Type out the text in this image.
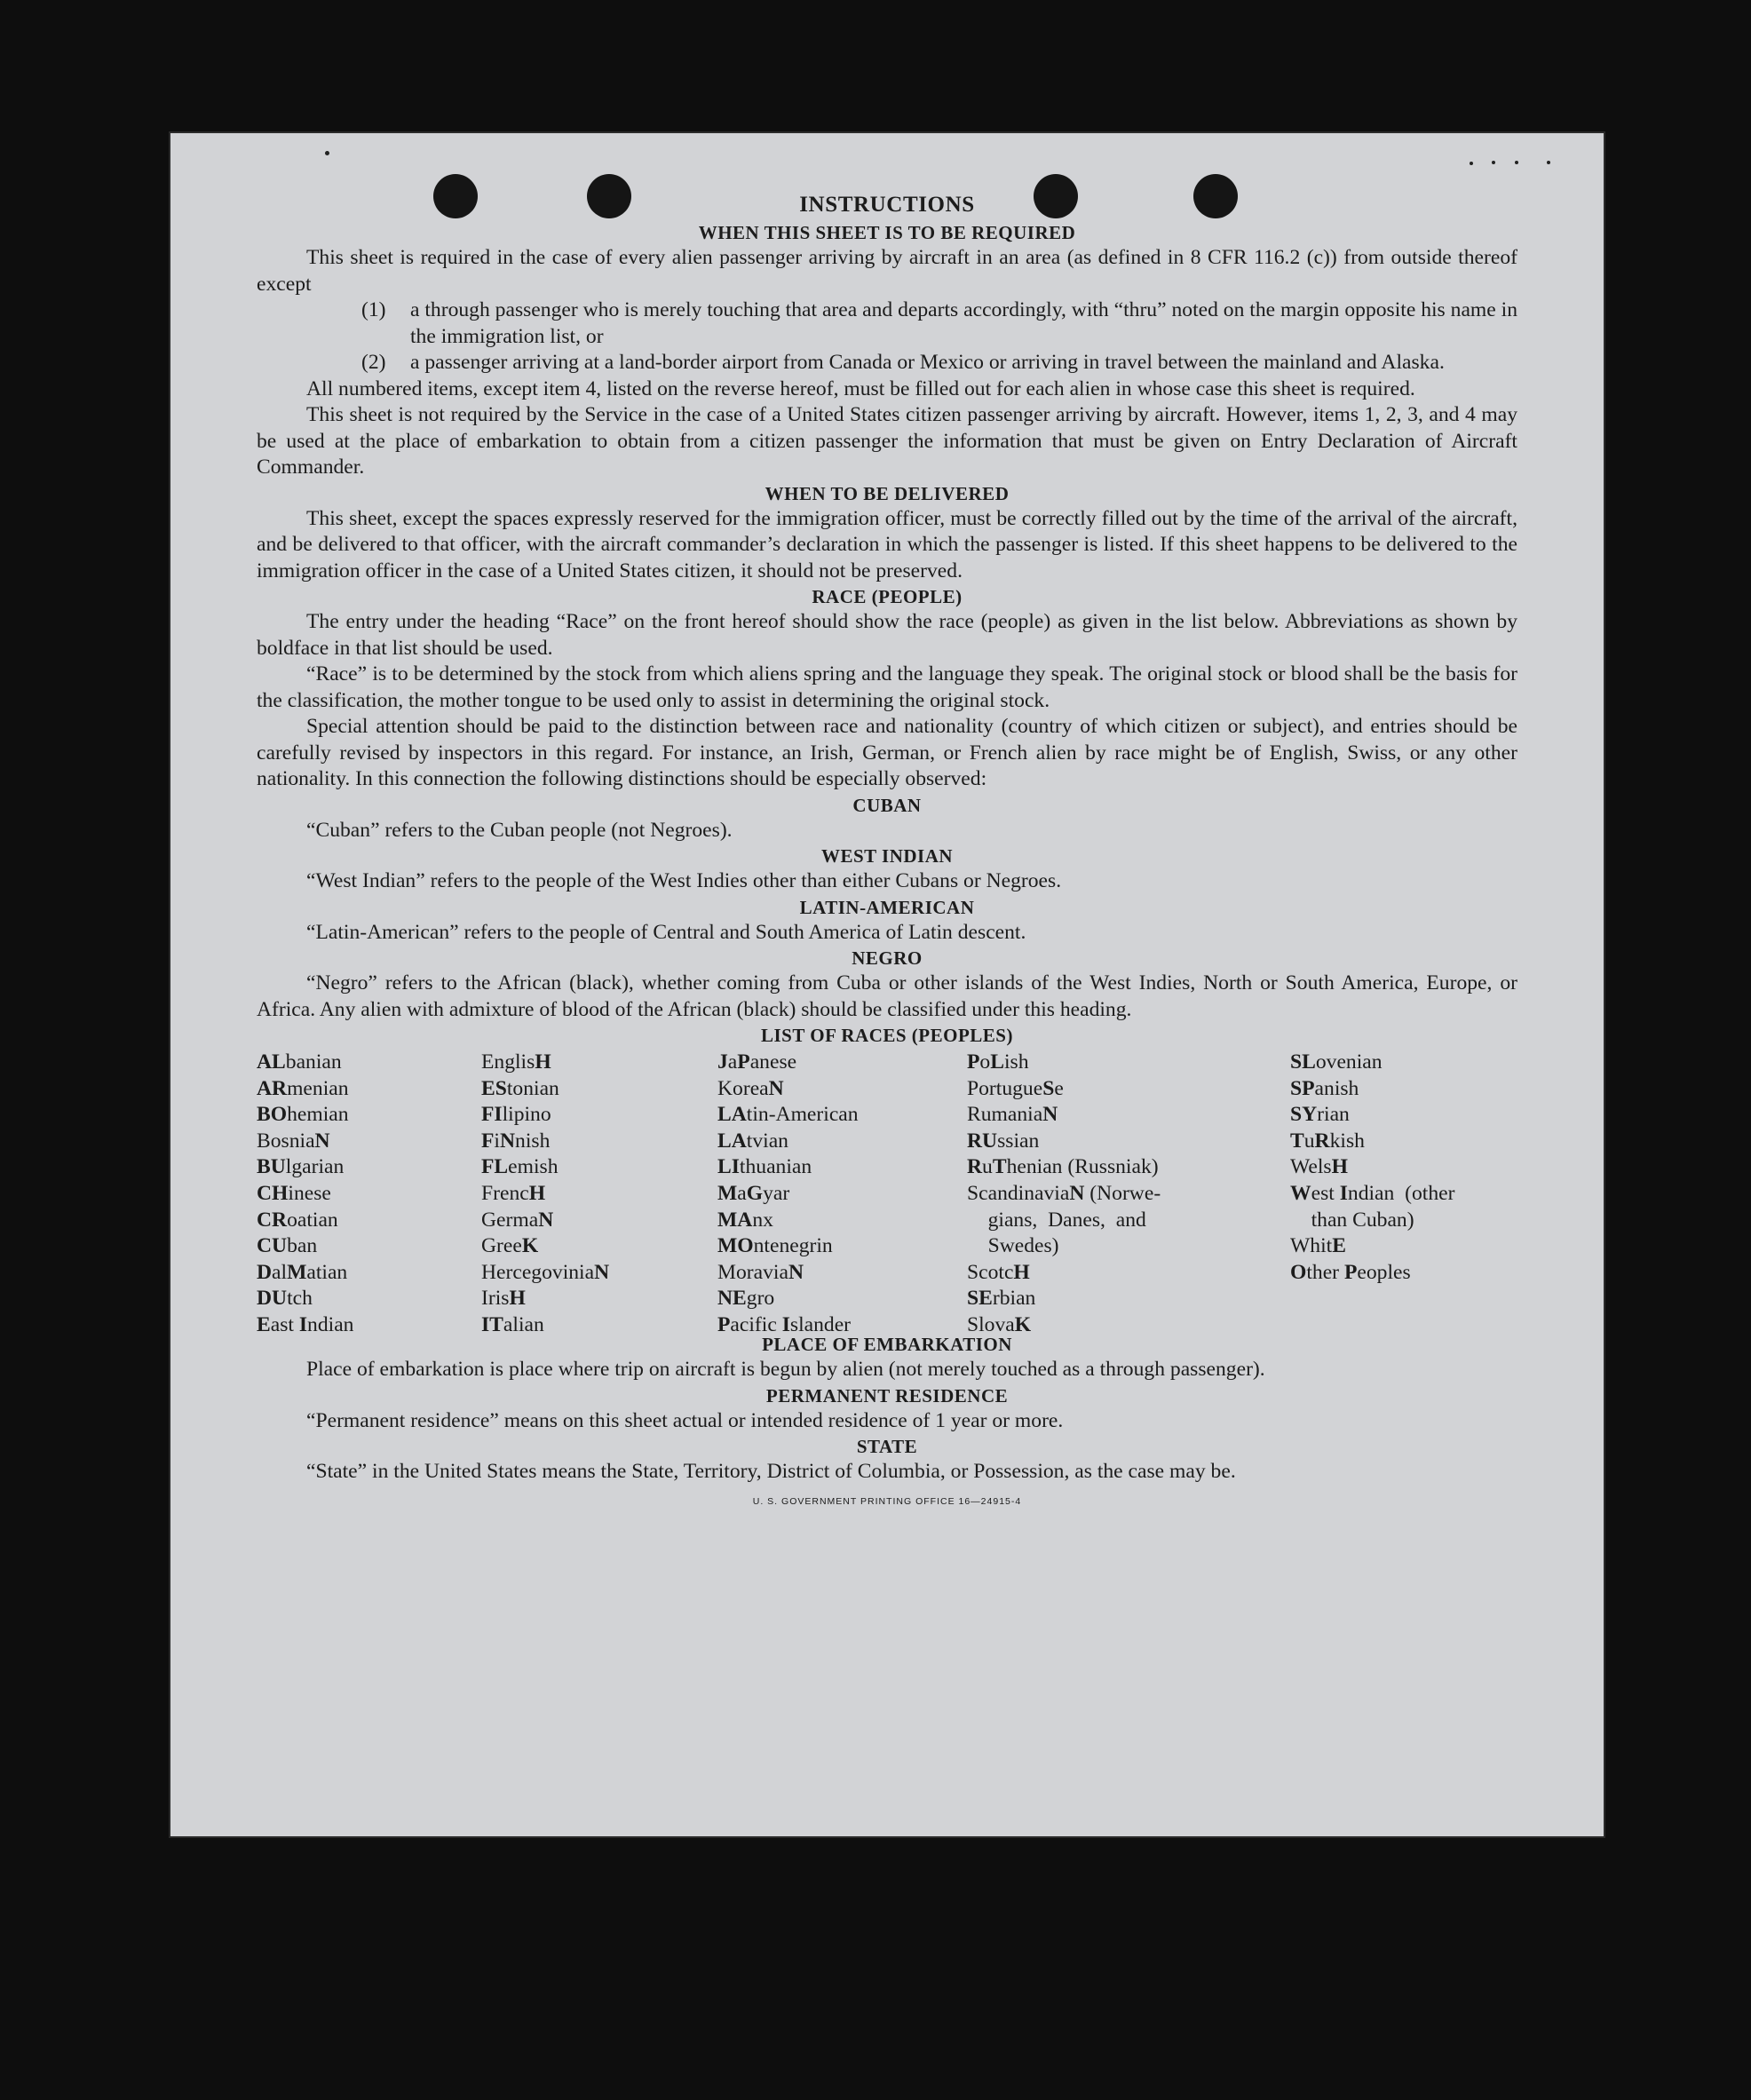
INSTRUCTIONS
WHEN THIS SHEET IS TO BE REQUIRED

This sheet is required in the case of every alien passenger arriving by aircraft in an area (as defined in 8 CFR 116.2 (c)) from outside thereof except

(1) a through passenger who is merely touching that area and departs accordingly, with “thru” noted on the margin opposite his name in the immigration list, or
(2) a passenger arriving at a land-border airport from Canada or Mexico or arriving in travel between the mainland and Alaska.

All numbered items, except item 4, listed on the reverse hereof, must be filled out for each alien in whose case this sheet is required.

This sheet is not required by the Service in the case of a United States citizen passenger arriving by aircraft. However, items 1, 2, 3, and 4 may be used at the place of embarkation to obtain from a citizen passenger the information that must be given on Entry Declaration of Aircraft Commander.

WHEN TO BE DELIVERED

This sheet, except the spaces expressly reserved for the immigration officer, must be correctly filled out by the time of the arrival of the aircraft, and be delivered to that officer, with the aircraft commander’s declaration in which the passenger is listed. If this sheet happens to be delivered to the immigration officer in the case of a United States citizen, it should not be preserved.

RACE (PEOPLE)

The entry under the heading “Race” on the front hereof should show the race (people) as given in the list below. Abbreviations as shown by boldface in that list should be used.

“Race” is to be determined by the stock from which aliens spring and the language they speak. The original stock or blood shall be the basis for the classification, the mother tongue to be used only to assist in determining the original stock.

Special attention should be paid to the distinction between race and nationality (country of which citizen or subject), and entries should be carefully revised by inspectors in this regard. For instance, an Irish, German, or French alien by race might be of English, Swiss, or any other nationality. In this connection the following distinctions should be especially observed:

CUBAN

“Cuban” refers to the Cuban people (not Negroes).

WEST INDIAN

“West Indian” refers to the people of the West Indies other than either Cubans or Negroes.

LATIN-AMERICAN

“Latin-American” refers to the people of Central and South America of Latin descent.

NEGRO

“Negro” refers to the African (black), whether coming from Cuba or other islands of the West Indies, North or South America, Europe, or Africa. Any alien with admixture of blood of the African (black) should be classified under this heading.

LIST OF RACES (PEOPLES)
ALbanian
ARmenian
BOhemian
BosniaN
BUlgarian
CHinese
CRoatian
CUban
DalMatian
DUtch
East Indian
EnglisH
EStonian
FIlipino
FiNnish
FLemish
FrencH
GermaN
GreeK
HercegoviniaN
IrisH
ITalian
JaPanese
KoreaN
LAtin-American
LAtvian
LIthuanian
MaGyar
MAnx
MOntenegrin
MoraviaN
NEgro
Pacific Islander
PoLish
PortugueSe
RumaniaN
RUssian
RuThenian (Russniak)
ScandinaviaN (Norwe-
gians,  Danes,  and
Swedes)
ScotcH
SErbian
SlovaK
SLovenian
SPanish
SYrian
TuRkish
WelsH
West Indian  (other
than Cuban)
WhitE
Other Peoples
PLACE OF EMBARKATION

Place of embarkation is place where trip on aircraft is begun by alien (not merely touched as a through passenger).

PERMANENT RESIDENCE

“Permanent residence” means on this sheet actual or intended residence of 1 year or more.

STATE

“State” in the United States means the State, Territory, District of Columbia, or Possession, as the case may be.

U. S. GOVERNMENT PRINTING OFFICE 16—24915-4
